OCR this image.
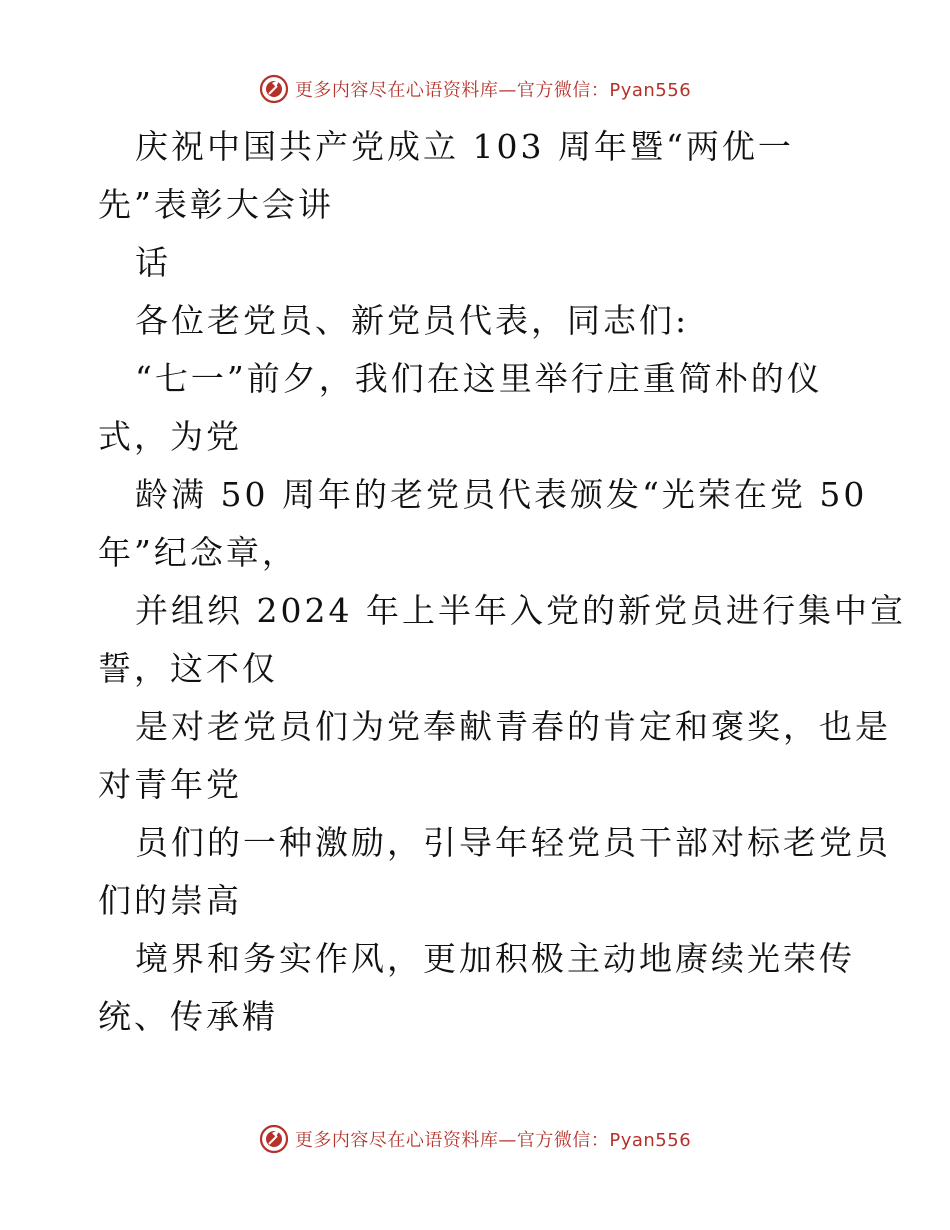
更多内容尽在心语资料库—官方微信：Pyan556
庆祝中国共产党成立 103 周年暨“两优一
先”表彰大会讲
话
各位老党员、新党员代表，同志们:
“七一”前夕，我们在这里举行庄重简朴的仪
式，为党
龄满 50 周年的老党员代表颁发“光荣在党 50
年”纪念章，
并组织 2024 年上半年入党的新党员进行集中宣
誓，这不仅
是对老党员们为党奉献青春的肯定和褒奖，也是
对青年党
员们的一种激励，引导年轻党员干部对标老党员
们的崇高
境界和务实作风，更加积极主动地赓续光荣传
统、传承精
更多内容尽在心语资料库—官方微信：Pyan556
